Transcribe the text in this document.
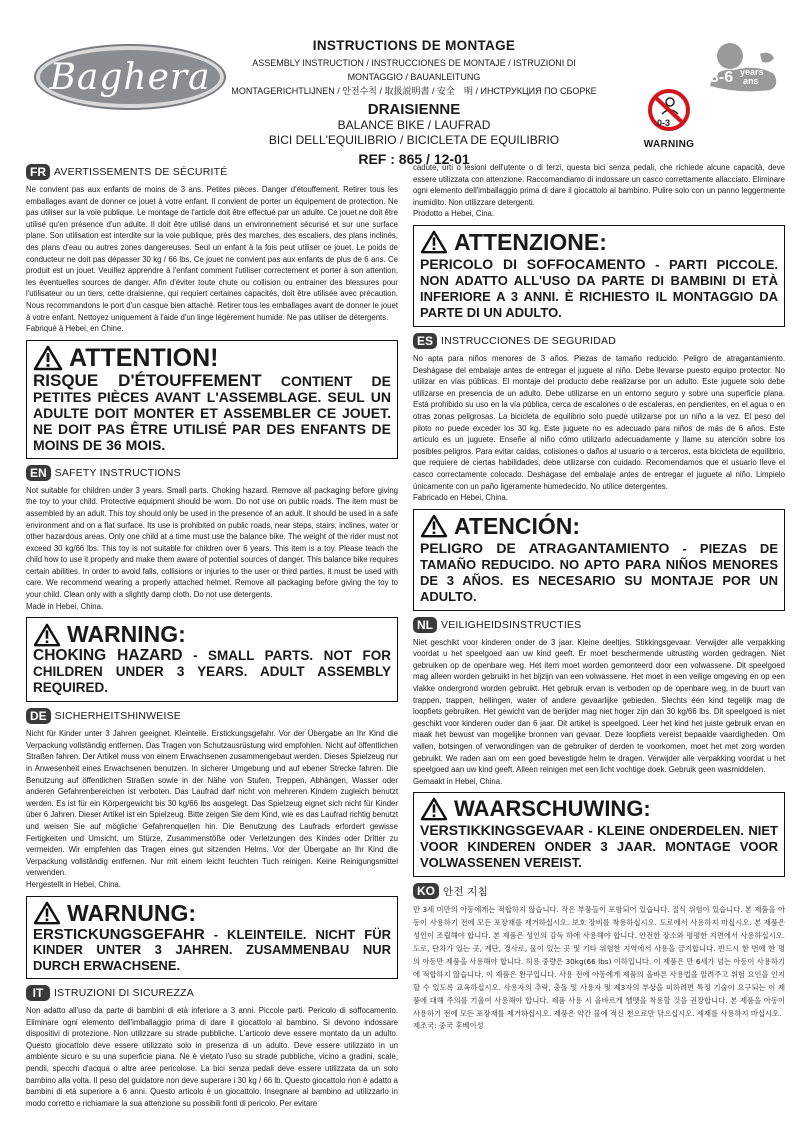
Baghera
INSTRUCTIONS DE MONTAGE
ASSEMBLY INSTRUCTION / INSTRUCCIONES DE MONTAJE / ISTRUZIONI DI MONTAGGIO / BAUANLEITUNG
MONTAGERICHTLIJNEN / 안전수칙 / 取扱説明書 / 安全　明 / ИНСТРУКЦИЯ ПО СБОРКЕ
DRAISIENNE
BALANCE BIKE / LAUFRAD
BICI DELL'EQUILIBRIO / BICICLETA DE EQUILIBRIO
REF : 865 / 12-01
3-6 years
ans
0-3
WARNING
FR AVERTISSEMENTS DE SÉCURITÉ
Ne convient pas aux enfants de moins de 3 ans. Petites pièces. Danger d'étouffement. Retirer tous les emballages avant de donner ce jouet à votre enfant. Il convient de porter un équipement de protection. Ne pas utiliser sur la voie publique. Le montage de l'article doit être effectué par un adulte. Ce jouet ne doit être utilisé qu'en présence d'un adulte. Il doit être utilisé dans un environnement sécurisé et sur une surface plane. Son utilisation est interdite sur la voie publique, près des marches, des escaliers, des plans inclinés, des plans d'eau ou autres zones dangereuses. Seul un enfant à la fois peut utiliser ce jouet. Le poids de conducteur ne doit pas dépasser 30 kg / 66 lbs. Ce jouet ne convient pas aux enfants de plus de 6 ans. Ce produit est un jouet. Veuillez apprendre à l'enfant comment l'utiliser correctement et porter à son attention, les éventuelles sources de danger. Afin d'éviter toute chute ou collision ou entrainer des blessures pour l'utilisateur ou un tiers, cette draisienne, qui requiert certaines capacités, doit être utilisée avec précaution. Nous recommandons le port d'un casque bien attaché. Retirer tous les emballages avant de donner le jouet à votre enfant. Nettoyez uniquement à l'aide d'un linge légèrement humide. Ne pas utiliser de détergents.
Fabriqué à Hebei, en Chine.
ATTENTION!
RISQUE D'ÉTOUFFEMENT CONTIENT DE PETITES PIÈCES AVANT L'ASSEMBLAGE. SEUL UN ADULTE DOIT MONTER ET ASSEMBLER CE JOUET. NE DOIT PAS ÊTRE UTILISÉ PAR DES ENFANTS DE MOINS DE 36 MOIS.
EN SAFETY INSTRUCTIONS
Not suitable for children under 3 years. Small parts. Choking hazard. Remove all packaging before giving the toy to your child. Protective equipment should be worn. Do not use on public roads. The item must be assembled by an adult. This toy should only be used in the presence of an adult. It should be used in a safe environment and on a flat surface. Its use is prohibited on public roads, near steps, stairs, inclines, water or other hazardous areas. Only one child at a time must use the balance bike. The weight of the rider must not exceed 30 kg/66 lbs. This toy is not suitable for children over 6 years. This item is a toy. Please teach the child how to use it properly and make them aware of potential sources of danger. This balance bike requires certain abilities. In order to avoid falls, collisions or injuries to the user or third parties, it must be used with care. We recommend wearing a properly attached helmet. Remove all packaging before giving the toy to your child. Clean only with a slightly damp cloth. Do not use detergents.
Made in Hebei, China.
WARNING:
CHOKING HAZARD - SMALL PARTS. NOT FOR CHILDREN UNDER 3 YEARS. ADULT ASSEMBLY REQUIRED.
DE SICHERHEITSHINWEISE
Nicht für Kinder unter 3 Jahren geeignet. Kleinteile. Erstickungsgefahr. Vor der Übergabe an Ihr Kind die Verpackung vollständig entfernen. Das Tragen von Schutzausrüstung wird empfohlen. Nicht auf öffentlichen Straßen fahren. Der Artikel muss von einem Erwachsenen zusammengebaut werden. Dieses Spielzeug nur in Anwesenheit eines Erwachsenen benutzen. In sicherer Umgebung und auf ebener Strecke fahren. Die Benutzung auf öffentlichen Straßen sowie in der Nähe von Stufen, Treppen, Abhängen, Wasser oder anderen Gefahrenbereichen ist verboten. Das Laufrad darf nicht von mehreren Kindern zugleich benutzt werden. Es ist für ein Körpergewicht bis 30 kg/66 lbs ausgelegt. Das Spielzeug eignet sich nicht für Kinder über 6 Jahren. Dieser Artikel ist ein Spielzeug. Bitte zeigen Sie dem Kind, wie es das Laufrad richtig benutzt und weisen Sie auf mögliche Gefahrenquellen hin. Die Benutzung des Laufrads erfordert gewisse Fertigkeiten und Umsicht, um Stürze, Zusammenstöße oder Verletzungen des Kindes oder Dritter zu vermeiden. Wir empfehlen das Tragen eines gut sitzenden Helms. Vor der Übergabe an Ihr Kind die Verpackung vollständig entfernen. Nur mit einem leicht feuchten Tuch reinigen. Keine Reinigungsmittel verwenden.
Hergestellt in Hebei, China.
WARNUNG:
ERSTICKUNGSGEFAHR - KLEINTEILE. NICHT FÜR KINDER UNTER 3 JAHREN. ZUSAMMENBAU NUR DURCH ERWACHSENE.
IT	ISTRUZIONI DI SICUREZZA
Non adatto all'uso da parte di bambini di età inferiore a 3 anni. Piccole parti. Pericolo di soffocamento. Eliminare ogni elemento dell'imballaggio prima di dare il giocattolo al bambino. Si devono indossare dispositivi di protezione. Non utilizzare su strade pubbliche. L'articolo deve essere montato da un adulto. Questo giocattolo deve essere utilizzato solo in presenza di un adulto. Deve essere utilizzato in un ambiente sicuro e su una superficie piana. Ne è vietato l'uso su strade pubbliche, vicino a gradini, scale, pendii, specchi d'acqua o altre aree pericolose. La bici senza pedali deve essere utilizzata da un solo bambino alla volta. Il peso del guidatore non deve superare i 30 kg / 66 lb. Questo giocattolo non è adatto a bambini di età superiore a 6 anni. Questo articolo è un giocattolo. Insegnare al bambino ad utilizzarlo in modo corretto e richiamare la sua attenzione su possibili fonti di pericolo. Per evitare
cadute, urti o lesioni dell'utente o di terzi, questa bici senza pedali, che richiede alcune capacità, deve essere utilizzata con attenzione. Raccomandiamo di indossare un casco correttamente allacciato. Eliminare ogni elemento dell'imballaggio prima di dare il giocattolo al bambino. Pulire solo con un panno leggermente inumidito. Non utilizzare detergenti.
Prodotto a Hebei, Cina.
ATTENZIONE:
PERICOLO DI SOFFOCAMENTO - PARTI PICCOLE. NON ADATTO ALL'USO DA PARTE DI BAMBINI DI ETÀ INFERIORE A 3 ANNI. È RICHIESTO IL MONTAGGIO DA PARTE DI UN ADULTO.
ES INSTRUCCIONES DE SEGURIDAD
No apta para niños menores de 3 años. Piezas de tamaño reducido. Peligro de atragantamiento. Deshágase del embalaje antes de entregar el juguete al niño. Debe llevarse puesto equipo protector. No utilizar en vías públicas. El montaje del producto debe realizarse por un adulto. Este juguete solo debe utilizarse en presencia de un adulto. Debe utilizarse en un entorno seguro y sobre una superficie plana. Está prohibido su uso en la vía pública, cerca de escalones o de escaleras, en pendientes, en el agua o en otras zonas peligrosas. La bicicleta de equilibrio solo puede utilizarse por un niño a la vez. El peso del piloto no puede exceder los 30 kg. Este juguete no es adecuado para niños de más de 6 años. Este artículo es un juguete. Enseñe al niño cómo utilizarlo adecuadamente y llame su atención sobre los posibles peligros. Para evitar caídas, colisiones o daños al usuario o a terceros, esta bicicleta de equilibrio, que requiere de ciertas habilidades, debe utilizarse con cuidado. Recomendamos que el usuario lleve el casco correctamente colocado. Deshágase del embalaje antes de entregar el juguete al niño. Limpielo únicamente con un paño ligeramente humedecido. No utilice detergentes.
Fabricado en Hebei, China.
ATENCIÓN:
PELIGRO DE ATRAGANTAMIENTO - PIEZAS DE TAMAÑO REDUCIDO. NO APTO PARA NIÑOS MENORES DE 3 AÑOS. ES NECESARIO SU MONTAJE POR UN ADULTO.
NL VEILIGHEIDSINSTRUCTIES
Niet geschikt voor kinderen onder de 3 jaar. Kleine deeltjes. Stikkingsgevaar. Verwijder alle verpakking voordat u het speelgoed aan uw kind geeft. Er moet beschermende uitrusting worden gedragen. Niet gebruiken op de openbare weg. Het item moet worden gemonteerd door een volwassene. Dit speelgoed mag alleen worden gebruikt in het bijzijn van een volwassene. Het moet in een veilige omgeving en op een vlakke ondergrond worden gebruikt. Het gebruik ervan is verboden op de openbare weg, in de buurt van trappen, trappen, hellingen, water of andere gevaarlijke gebieden. Slechts één kind tegelijk mag de loopfiets gebruiken. Het gewicht van de berijder mag niet hoger zijn dan 30 kg/66 lbs. Dit speelgoed is niet geschikt voor kinderen ouder dan 6 jaar. Dit artikel is speelgoed. Leer het kind het juiste gebruik ervan en maak het bewust van mogelijke bronnen van gevaar. Deze loopfiets vereist bepaalde vaardigheden. Om vallen, botsingen of verwondingen van de gebruiker of derden te voorkomen, moet het met zorg worden gebruikt. We raden aan om een goed bevestigde helm te dragen. Verwijder alle verpakking voordat u het speelgoed aan uw kind geeft. Alleen reinigen met een licht vochtige doek. Gebruik geen wasmiddelen.
Gemaakt in Hebei, China.
WAARSCHUWING:
VERSTIKKINGSGEVAAR - KLEINE ONDERDELEN. NIET VOOR KINDEREN ONDER 3 JAAR. MONTAGE VOOR VOLWASSENEN VEREIST.
KO 안전 지침
만 3세 미만의 아동에게는 적합하지 않습니다. 작은 부품들이 포함되어 있습니다. 질식 위험이 있습니다. 본 제품을 아동이 사용하기 전에 모든 포장재를 제거하십시오. 보호 장비를 착용하십시오. 도로에서 사용하지 마십시오. 본 제품은 성인이 조립해야 합니다. 본 제품은 성인의 감독 하에 사용해야 합니다. 안전한 장소와 평평한 지면에서 사용하십시오. 도로, 단차가 있는 곳, 계단, 경사로, 물이 있는 곳 및 기타 위험한 지역에서 사용을 금지합니다. 반드시 한 번에 한 명의 아동만 제품을 사용해야 합니다. 허용 중량은 30kg(66 lbs) 이하입니다. 이 제품은 만 6세가 넘는 아동이 사용하기에 적합하지 않습니다. 이 제품은 완구입니다. 사용 전에 아동에게 제품의 올바른 사용법을 알려주고 위험 요인을 인지할 수 있도록 교육하십시오. 사용자의 추락, 충돌 및 사용자 및 제3자의 부상을 피하려면 특정 기술이 요구되는 이 제품에 대해 주의를 기울여 사용해야 합니다. 제품 사용 시 올바르게 헬멧을 착용할 것을 권장합니다. 본 제품을 아동이 사용하기 전에 모든 포장재를 제거하십시오. 제품은 약간 물에 적신 천으로만 닦으십시오. 세제를 사용하지 마십시오.
제조국: 중국 후베이성
